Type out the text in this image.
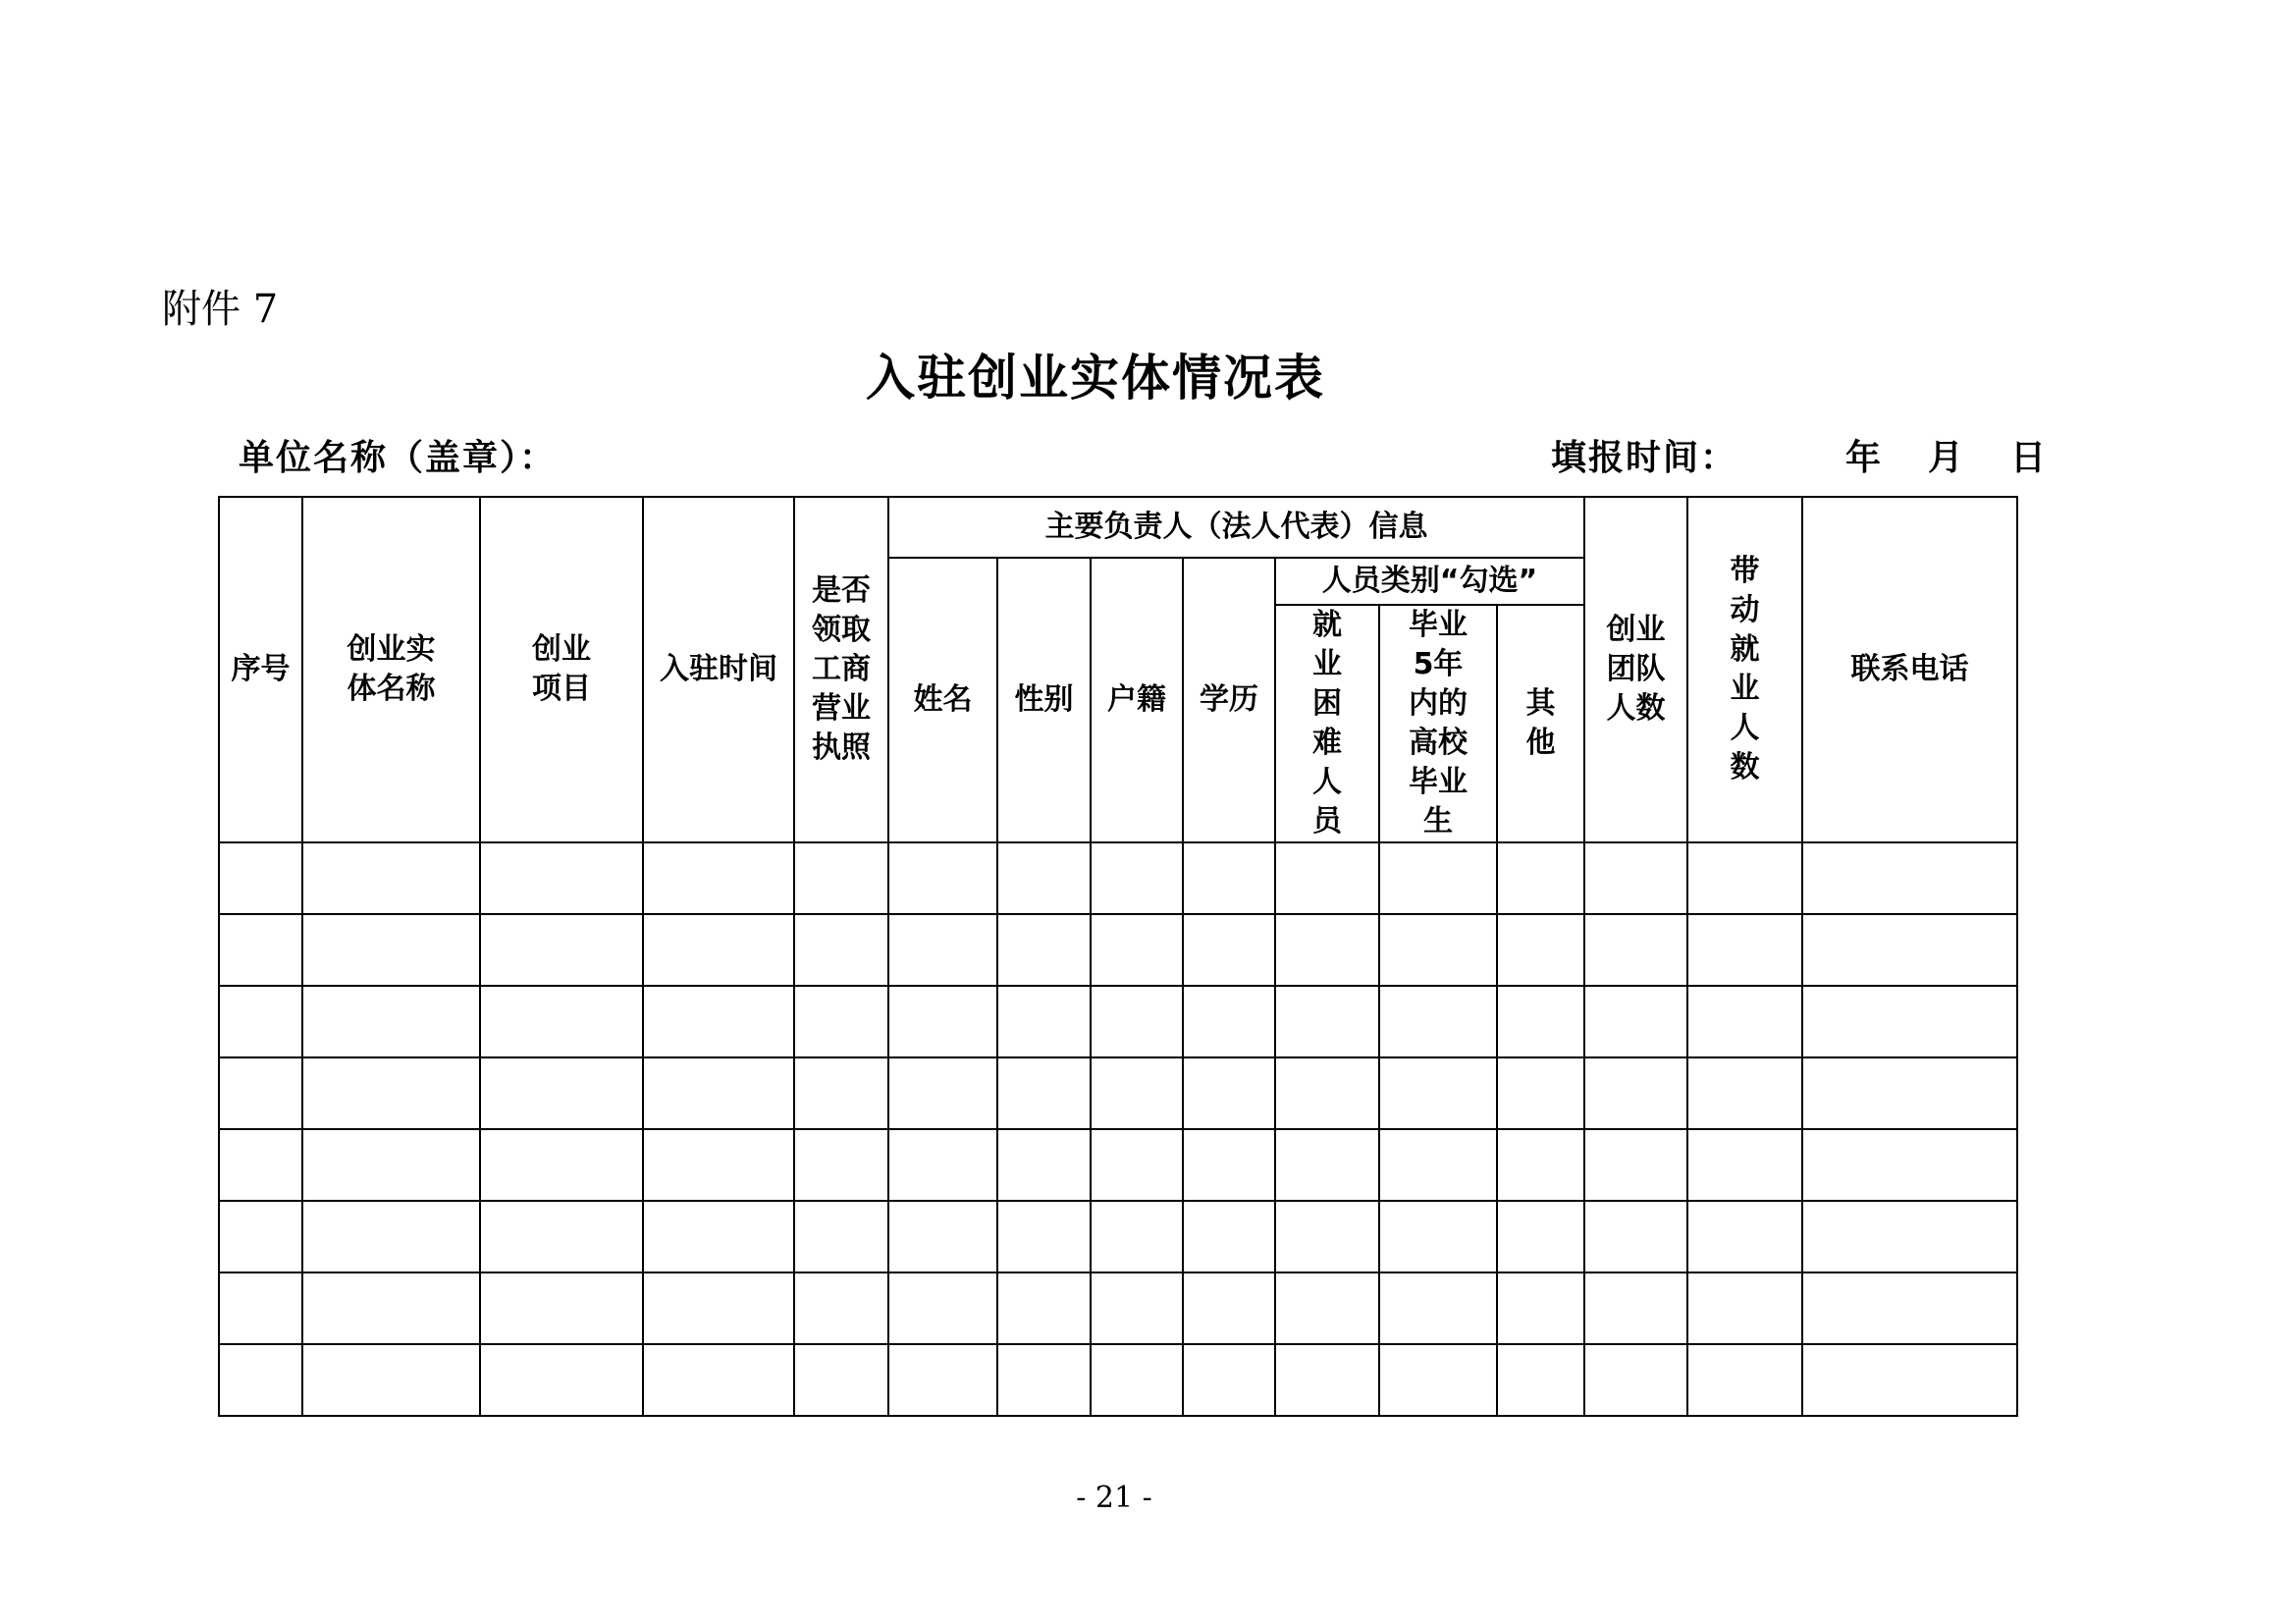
附件 7
入驻创业实体情况表
单位名称（盖章）：	填报时间：	年 月 日
序号	创业实体名称	创业项目	入驻时间	是否领取工商营业执照	主要负责人（法人代表）信息							创业团队人数	带动就业人数	联系电话
					姓名	性别	户籍	学历	人员类别“勾选”					
									就业困难人员	毕业5年内的高校毕业生	其他			

- 21 -
